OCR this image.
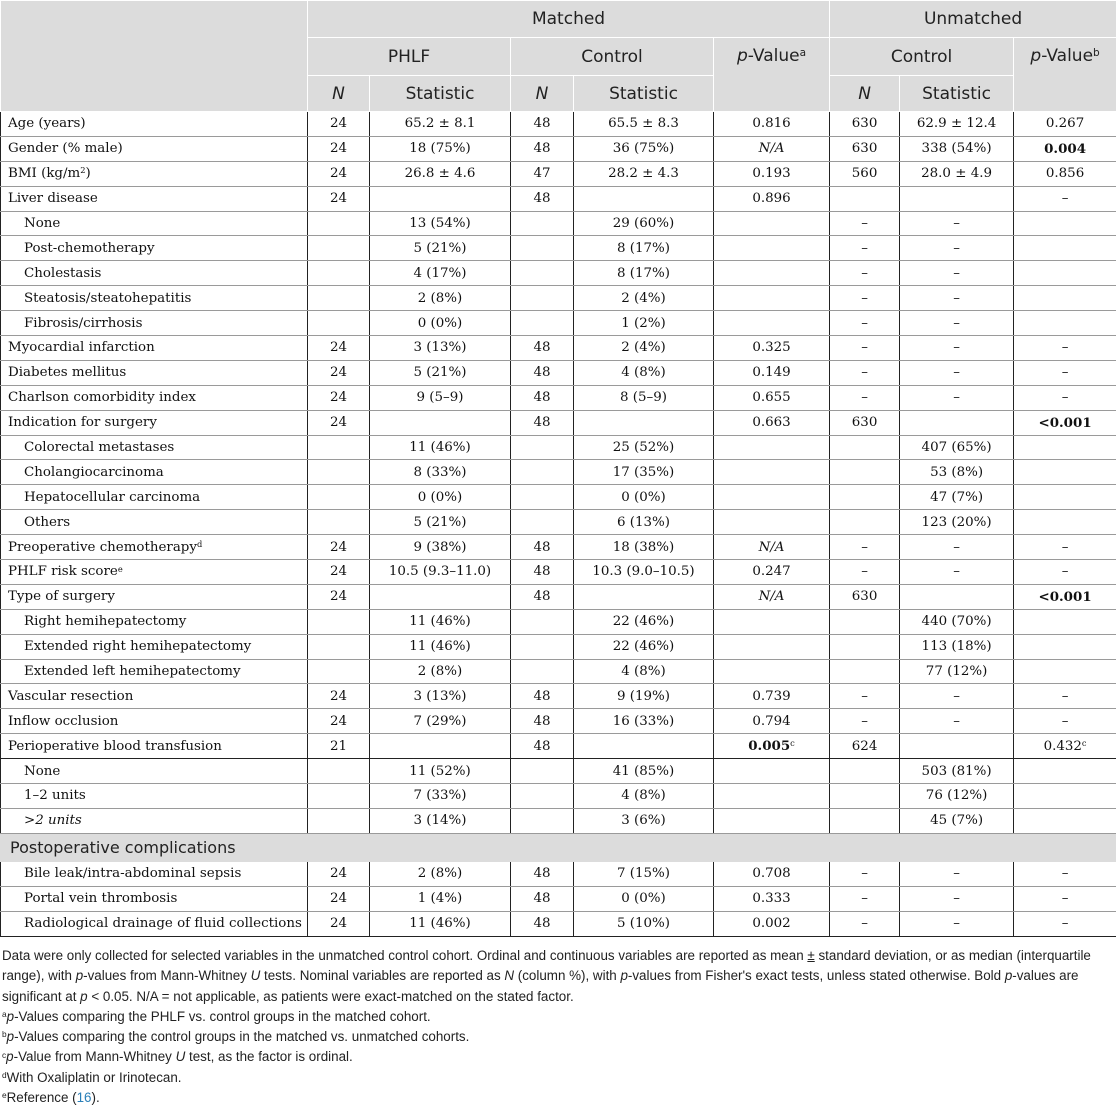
	Matched					Unmatched		
	PHLF		Control		p-Value$^a$	Control		p-Value$^b$
	N	Statistic	N	Statistic		N	Statistic	
Age (years)	24	65.2 ± 8.1	48	65.5 ± 8.3	0.816	630	62.9 ± 12.4	0.267
Gender (% male)	24	18 (75%)	48	36 (75%)	N/A	630	338 (54%)	0.004
BMI $(kg/m^2)$	24	26.8 ± 4.6	47	28.2 ± 4.3	0.193	560	28.0 ± 4.9	0.856
Liver disease	24		48		0.896			–
None		13 (54%)		29 (60%)		–	–	
Post-chemotherapy		5 (21%)		8 (17%)		–	–	
Cholestasis		4 (17%)		8 (17%)		–	–	
Steatosis/steatohepatitis		2 (8%)		2 (4%)		–	–	
Fibrosis/cirrhosis		0 (0%)		1 (2%)		–	–	
Myocardial infarction	24	3 (13%)	48	2 (4%)	0.325	–	–	–
Diabetes mellitus	24	5 (21%)	48	4 (8%)	0.149	–	–	–
Charlson comorbidity index	24	9 (5–9)	48	8 (5–9)	0.655	–	–	–
Indication for surgery	24		48		0.663	630		<0.001
Colorectal metastases		11 (46%)		25 (52%)			407 (65%)	
Cholangiocarcinoma		8 (33%)		17 (35%)			53 (8%)	
Hepatocellular carcinoma		0 (0%)		0 (0%)			47 (7%)	
Others		5 (21%)		6 (13%)			123 (20%)	
Preoperative chemotherapy$^d$	24	9 (38%)	48	18 (38%)	N/A	–	–	–
PHLF risk score$^e$	24	10.5 (9.3–11.0)	48	10.3 (9.0–10.5)	0.247	–	–	–
Type of surgery	24		48		N/A	630		<0.001
Right hemihepatectomy		11 (46%)		22 (46%)			440 (70%)	
Extended right hemihepatectomy		11 (46%)		22 (46%)			113 (18%)	
Extended left hemihepatectomy		2 (8%)		4 (8%)			77 (12%)	
Vascular resection	24	3 (13%)	48	9 (19%)	0.739	–	–	–
Inflow occlusion	24	7 (29%)	48	16 (33%)	0.794	–	–	–
Perioperative blood transfusion	21		48		0.005$^c$	624		0.432$^c$
None		11 (52%)		41 (85%)			503 (81%)	
1–2 units		7 (33%)		4 (8%)			76 (12%)	
>2 units		3 (14%)		3 (6%)			45 (7%)	
Postoperative complications								
Bile leak/intra-abdominal sepsis	24	2 (8%)	48	7 (15%)	0.708	–	–	–
Portal vein thrombosis	24	1 (4%)	48	0 (0%)	0.333	–	–	–
Radiological drainage of fluid collections	24	11 (46%)	48	5 (10%)	0.002	–	–	–

Data were only collected for selected variables in the unmatched control cohort. Ordinal and continuous variables are reported as mean ± standard deviation, or as median (interquartile range), with p-values from Mann-Whitney U tests. Nominal variables are reported as N (column %), with p-values from Fisher's exact tests, unless stated otherwise. Bold p-values are significant at p < 0.05. N/A = not applicable, as patients were exact-matched on the stated factor.

$^a$p-Values comparing the PHLF vs. control groups in the matched cohort.

$^b$p-Values comparing the control groups in the matched vs. unmatched cohorts.

$^c$p-Value from Mann-Whitney U test, as the factor is ordinal.

$^d$With Oxaliplatin or Irinotecan.

$^e$Reference (16).
